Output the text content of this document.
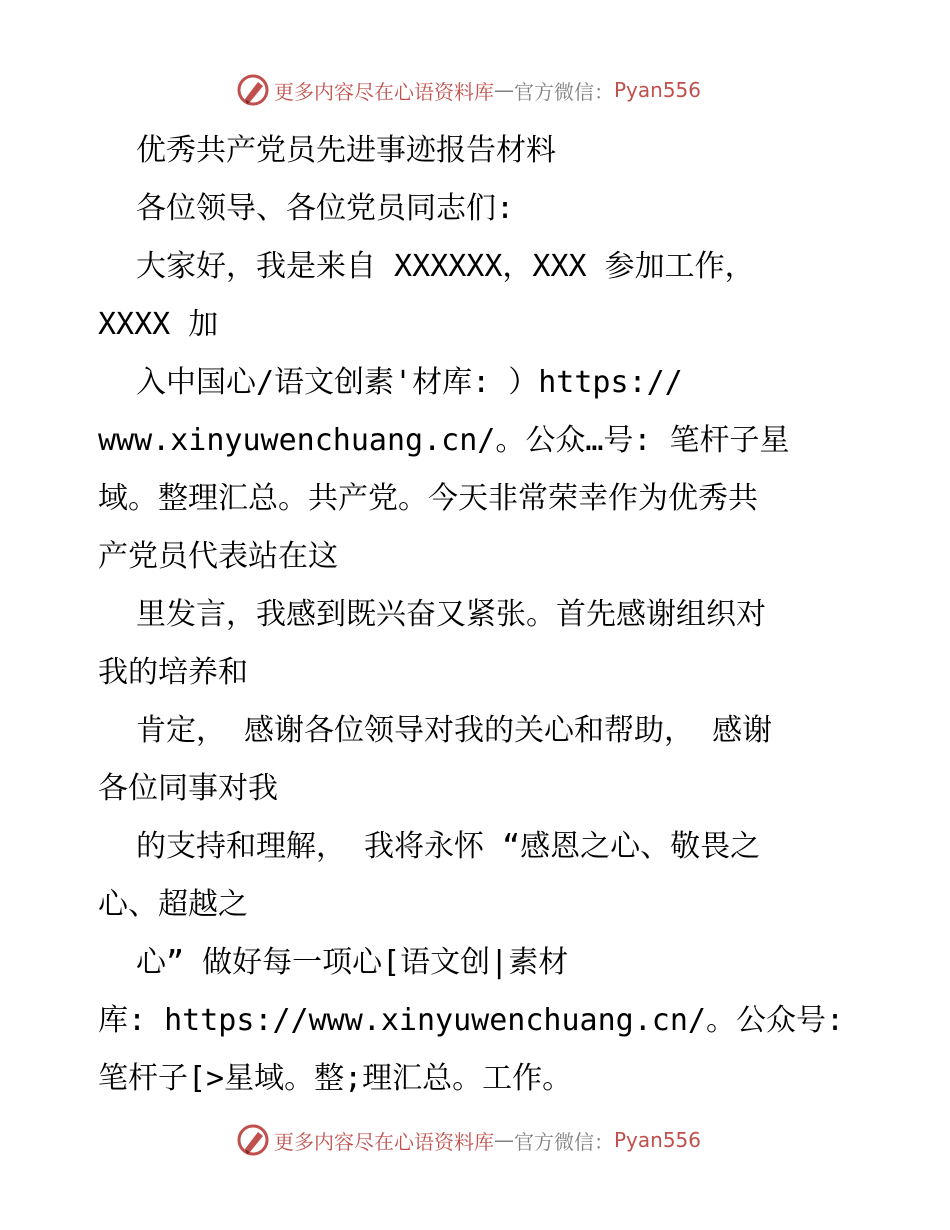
更多内容尽在心语资料库 — 官方微信： Pyan556
优秀共产党员先进事迹报告材料
各位领导、各位党员同志们:
大家好，我是来自 XXXXXX，XXX 参加工作，
XXXX 加
入中国心/语文创素'材库: ）https://
www.xinyuwenchuang.cn/。公众…号: 笔杆子星
域。整理汇总。共产党。今天非常荣幸作为优秀共
产党员代表站在这
里发言，我感到既兴奋又紧张。首先感谢组织对
我的培养和
肯定， 感谢各位领导对我的关心和帮助， 感谢
各位同事对我
的支持和理解， 我将永怀 “感恩之心、敬畏之
心、超越之
心” 做好每一项心[语文创|素材
库: https://www.xinyuwenchuang.cn/。公众号:
笔杆子[>星域。整;理汇总。工作。
更多内容尽在心语资料库 — 官方微信： Pyan556
